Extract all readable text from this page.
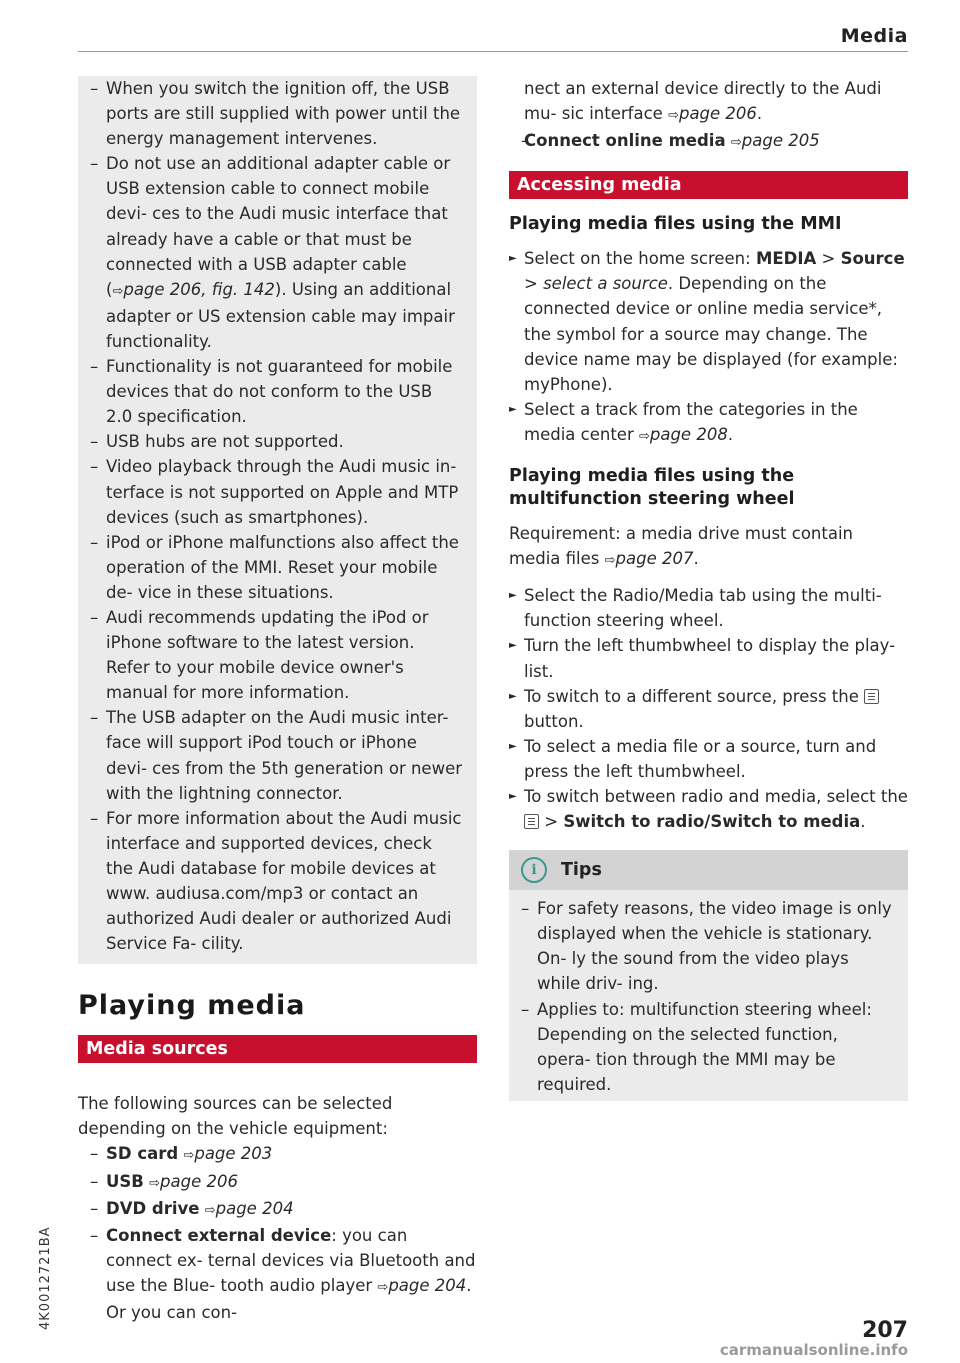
Media
– When you switch the ignition off, the USB ports are still supplied with power until the energy management intervenes.
– Do not use an additional adapter cable or USB extension cable to connect mobile devi- ces to the Audi music interface that already have a cable or that must be connected with a USB adapter cable (⇨page 206, fig. 142). Using an additional adapter or US extension cable may impair functionality.
– Functionality is not guaranteed for mobile devices that do not conform to the USB 2.0 specification.
– USB hubs are not supported.
– Video playback through the Audi music in- terface is not supported on Apple and MTP devices (such as smartphones).
– iPod or iPhone malfunctions also affect the operation of the MMI. Reset your mobile de- vice in these situations.
– Audi recommends updating the iPod or iPhone software to the latest version. Refer to your mobile device owner's manual for more information.
– The USB adapter on the Audi music inter- face will support iPod touch or iPhone devi- ces from the 5th generation or newer with the lightning connector.
– For more information about the Audi music interface and supported devices, check the Audi database for mobile devices at www. audiusa.com/mp3 or contact an authorized Audi dealer or authorized Audi Service Fa- cility.
Playing media
Media sources
The following sources can be selected depending on the vehicle equipment:
– SD card ⇨page 203
– USB ⇨page 206
– DVD drive ⇨page 204
– Connect external device: you can connect ex- ternal devices via Bluetooth and use the Blue- tooth audio player ⇨page 204. Or you can con-
nect an external device directly to the Audi mu- sic interface ⇨page 206.
– Connect online media ⇨page 205
Accessing media
Playing media files using the MMI
► Select on the home screen: MEDIA > Source > select a source. Depending on the connected device or online media service*, the symbol for a source may change. The device name may be displayed (for example: myPhone).
► Select a track from the categories in the media center ⇨page 208.
Playing media files using the multifunction steering wheel
Requirement: a media drive must contain media files ⇨page 207.
► Select the Radio/Media tab using the multi- function steering wheel.
► Turn the left thumbwheel to display the play- list.
► To switch to a different source, press the  button.
► To select a media file or a source, turn and press the left thumbwheel.
► To switch between radio and media, select the  > Switch to radio/Switch to media.
i	Tips
– For safety reasons, the video image is only displayed when the vehicle is stationary. On- ly the sound from the video plays while driv- ing.
– Applies to: multifunction steering wheel: Depending on the selected function, opera- tion through the MMI may be required.
4K0012721BA
207
carmanualsonline.info
